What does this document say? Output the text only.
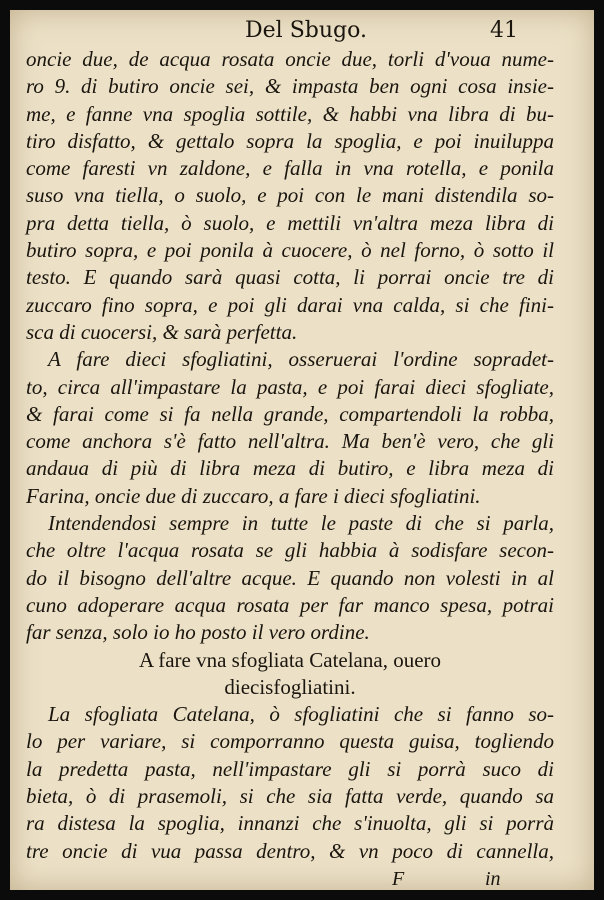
Del Sbugo.	41
oncie due, de acqua rosata oncie due, torli d'voua nume-
ro 9. di butiro oncie sei, & impasta ben ogni cosa insie-
me, e fanne vna spoglia sottile, & habbi vna libra di bu-
tiro disfatto, & gettalo sopra la spoglia, e poi inuiluppa
come faresti vn zaldone, e falla in vna rotella, e ponila
suso vna tiella, o suolo, e poi con le mani distendila so-
pra detta tiella, ò suolo, e mettili vn'altra meza libra di
butiro sopra, e poi ponila à cuocere, ò nel forno, ò sotto il
testo. E quando sarà quasi cotta, li porrai oncie tre di
zuccaro fino sopra, e poi gli darai vna calda, si che fini-
sca di cuocersi, & sarà perfetta.
A fare dieci sfogliatini, osseruerai l'ordine sopradet-
to, circa all'impastare la pasta, e poi farai dieci sfogliate,
& farai come si fa nella grande, compartendoli la robba,
come anchora s'è fatto nell'altra. Ma ben'è vero, che gli
andaua di più di libra meza di butiro, e libra meza di
Farina, oncie due di zuccaro, a fare i dieci sfogliatini.
Intendendosi sempre in tutte le paste di che si parla,
che oltre l'acqua rosata se gli habbia à sodisfare secon-
do il bisogno dell'altre acque. E quando non volesti in al
cuno adoperare acqua rosata per far manco spesa, potrai
far senza, solo io ho posto il vero ordine.
A fare vna sfogliata Catelana, ouero
diecisfogliatini.
La sfogliata Catelana, ò sfogliatini che si fanno so-
lo per variare, si comporranno questa guisa, togliendo
la predetta pasta, nell'impastare gli si porrà suco di
bieta, ò di prasemoli, si che sia fatta verde, quando sa
ra distesa la spoglia, innanzi che s'inuolta, gli si porrà
tre oncie di vua passa dentro, & vn poco di cannella,
F	in
